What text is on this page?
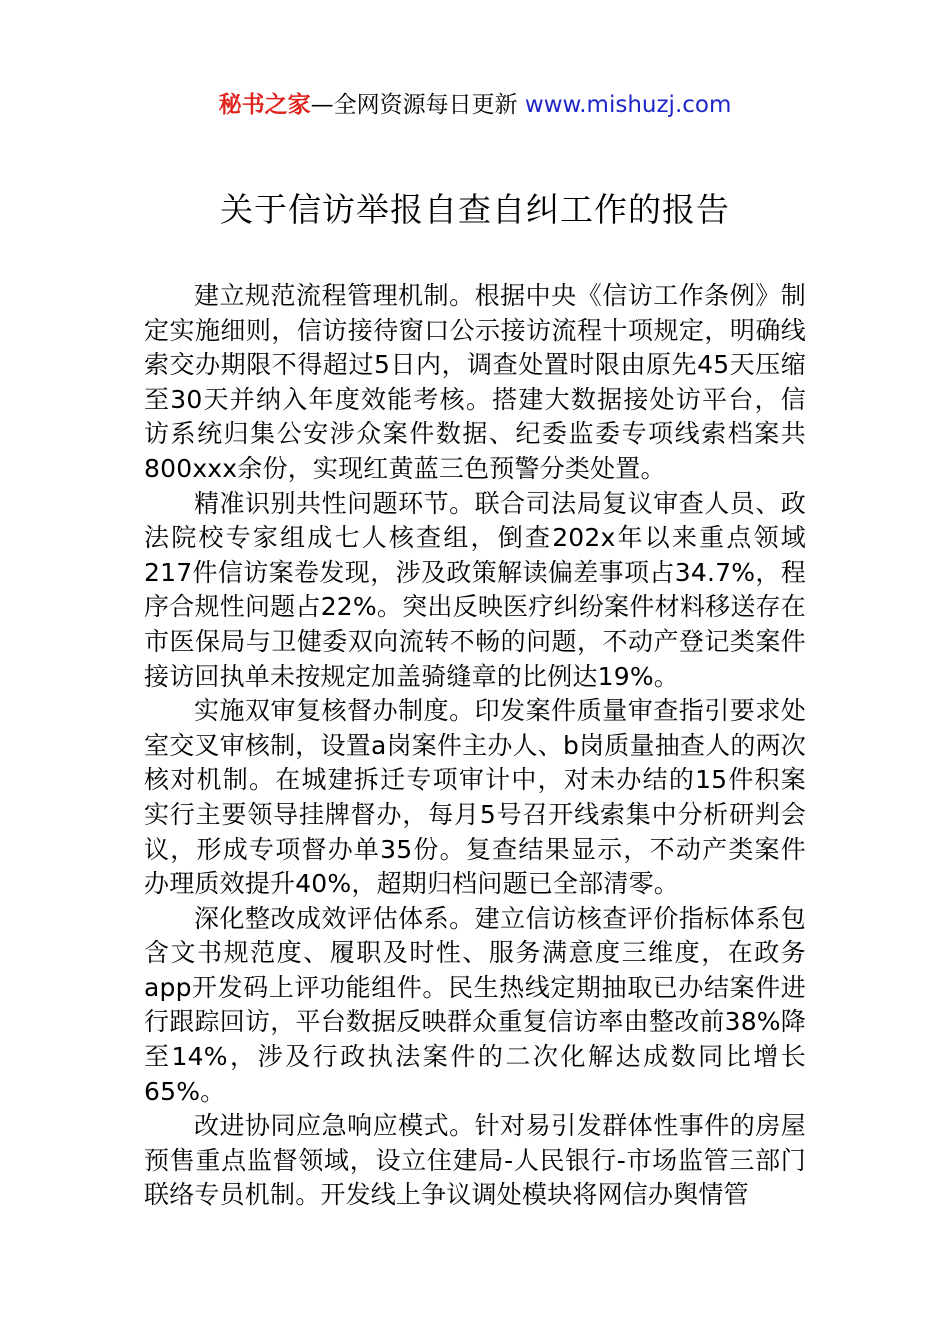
秘书之家—全网资源每日更新 www.mishuzj.com
关于信访举报自查自纠工作的报告

建立规范流程管理机制。根据中央《信访工作条例》制定实施细则，信访接待窗口公示接访流程十项规定，明确线索交办期限不得超过5日内，调查处置时限由原先45天压缩至30天并纳入年度效能考核。搭建大数据接处访平台，信访系统归集公安涉众案件数据、纪委监委专项线索档案共800xxx余份，实现红黄蓝三色预警分类处置。

精准识别共性问题环节。联合司法局复议审查人员、政法院校专家组成七人核查组，倒查202x年以来重点领域217件信访案卷发现，涉及政策解读偏差事项占34.7%，程序合规性问题占22%。突出反映医疗纠纷案件材料移送存在市医保局与卫健委双向流转不畅的问题，不动产登记类案件接访回执单未按规定加盖骑缝章的比例达19%。

实施双审复核督办制度。印发案件质量审查指引要求处室交叉审核制，设置a岗案件主办人、b岗质量抽查人的两次核对机制。在城建拆迁专项审计中，对未办结的15件积案实行主要领导挂牌督办，每月5号召开线索集中分析研判会议，形成专项督办单35份。复查结果显示，不动产类案件办理质效提升40%，超期归档问题已全部清零。

深化整改成效评估体系。建立信访核查评价指标体系包含文书规范度、履职及时性、服务满意度三维度，在政务app开发码上评功能组件。民生热线定期抽取已办结案件进行跟踪回访，平台数据反映群众重复信访率由整改前38%降至14%，涉及行政执法案件的二次化解达成数同比增长65%。

改进协同应急响应模式。针对易引发群体性事件的房屋预售重点监督领域，设立住建局-人民银行-市场监管三部门联络专员机制。开发线上争议调处模块将网信办舆情管
